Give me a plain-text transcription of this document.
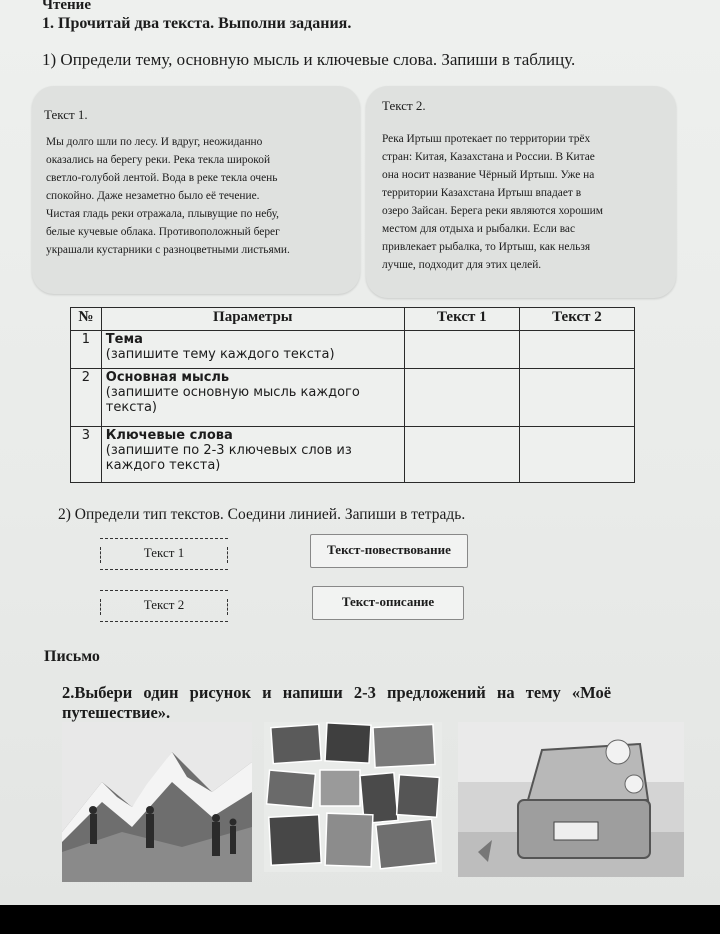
Чтение
1. Прочитай два текста. Выполни задания.
1) Определи тему, основную мысль и ключевые слова. Запиши в таблицу.
Текст 1.
Мы долго шли по лесу. И вдруг, неожиданно
оказались на берегу реки. Река текла широкой
светло-голубой лентой. Вода в реке текла очень
спокойно. Даже незаметно было её течение.
Чистая гладь реки отражала, плывущие по небу,
белые кучевые облака. Противоположный берег
украшали кустарники с разноцветными листьями.
Текст 2.
Река Иртыш протекает по территории трёх
стран: Китая, Казахстана и России. В Китае
она носит название Чёрный Иртыш. Уже на
территории Казахстана Иртыш впадает в
озеро Зайсан. Берега реки являются хорошим
местом для отдыха и рыбалки. Если вас
привлекает рыбалка, то Иртыш, как нельзя
лучше, подходит для этих целей.
№	Параметры	Текст 1	Текст 2
1	Тема
(запишите тему каждого текста)		

2	Основная мысль
(запишите основную мысль каждого
текста)		

3	Ключевые слова
(запишите по 2-3 ключевых слов из
каждого текста)		

2) Определи тип текстов. Соедини линией. Запиши в тетрадь.
Текст 1
Текст 2
Текст-повествование
Текст-описание
Письмо
2.Выбери один рисунок и напиши 2-3 предложений на тему «Моё
путешествие».
